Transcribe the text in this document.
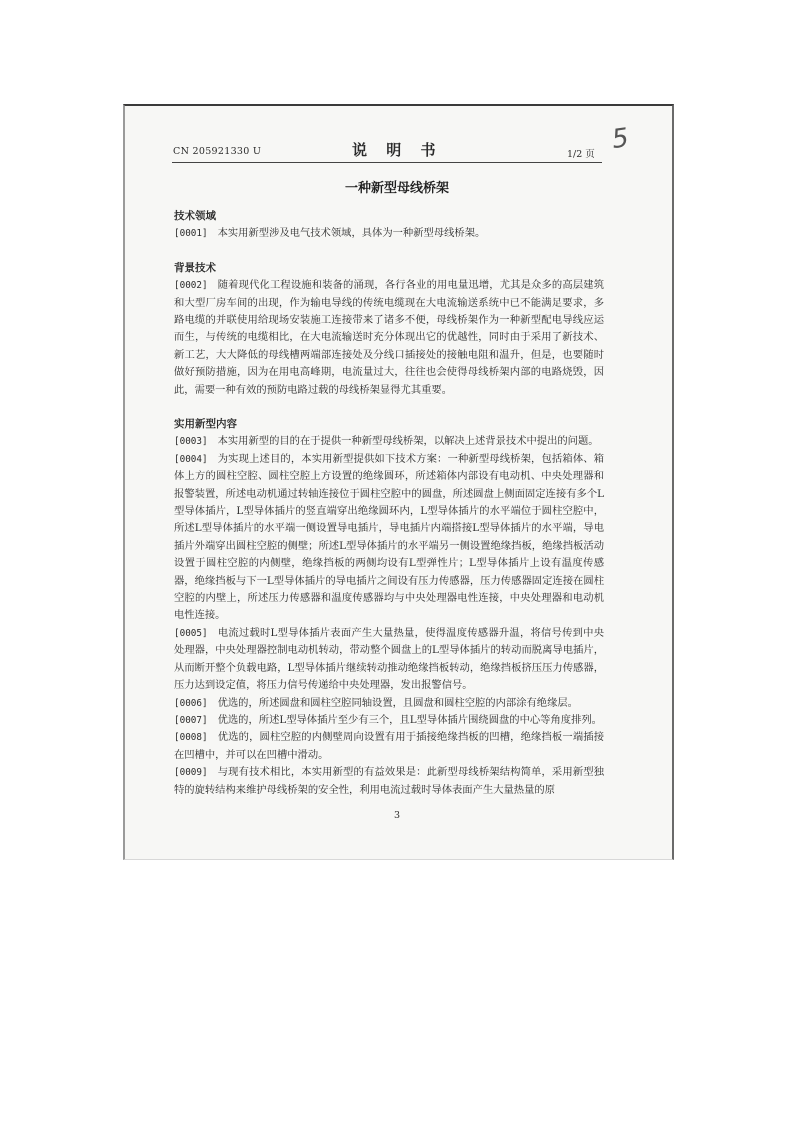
CN 205921330 U	说 明 书	1/2 页 5
一种新型母线桥架
技术领域

[0001] 本实用新型涉及电气技术领域，具体为一种新型母线桥架。

背景技术

[0002] 随着现代化工程设施和装备的涌现，各行各业的用电量迅增，尤其是众多的高层建筑和大型厂房车间的出现，作为输电导线的传统电缆现在大电流输送系统中已不能满足要求，多路电缆的并联使用给现场安装施工连接带来了诸多不便，母线桥架作为一种新型配电导线应运而生，与传统的电缆相比，在大电流输送时充分体现出它的优越性，同时由于采用了新技术、新工艺，大大降低的母线槽两端部连接处及分线口插接处的接触电阻和温升，但是，也要随时做好预防措施，因为在用电高峰期，电流量过大，往往也会使得母线桥架内部的电路烧毁，因此，需要一种有效的预防电路过载的母线桥架显得尤其重要。

实用新型内容

[0003] 本实用新型的目的在于提供一种新型母线桥架，以解决上述背景技术中提出的问题。

[0004] 为实现上述目的，本实用新型提供如下技术方案：一种新型母线桥架，包括箱体、箱体上方的圆柱空腔、圆柱空腔上方设置的绝缘圆环，所述箱体内部设有电动机、中央处理器和报警装置，所述电动机通过转轴连接位于圆柱空腔中的圆盘，所述圆盘上侧面固定连接有多个L型导体插片，L型导体插片的竖直端穿出绝缘圆环内，L型导体插片的水平端位于圆柱空腔中，所述L型导体插片的水平端一侧设置导电插片，导电插片内端搭接L型导体插片的水平端，导电插片外端穿出圆柱空腔的侧壁；所述L型导体插片的水平端另一侧设置绝缘挡板，绝缘挡板活动设置于圆柱空腔的内侧壁，绝缘挡板的两侧均设有L型弹性片；L型导体插片上设有温度传感器，绝缘挡板与下一L型导体插片的导电插片之间设有压力传感器，压力传感器固定连接在圆柱空腔的内壁上，所述压力传感器和温度传感器均与中央处理器电性连接，中央处理器和电动机电性连接。

[0005] 电流过载时L型导体插片表面产生大量热量，使得温度传感器升温，将信号传到中央处理器，中央处理器控制电动机转动，带动整个圆盘上的L型导体插片的转动而脱离导电插片，从而断开整个负载电路，L型导体插片继续转动推动绝缘挡板转动，绝缘挡板挤压压力传感器，压力达到设定值，将压力信号传递给中央处理器，发出报警信号。

[0006] 优选的，所述圆盘和圆柱空腔同轴设置，且圆盘和圆柱空腔的内部涂有绝缘层。

[0007] 优选的，所述L型导体插片至少有三个，且L型导体插片围绕圆盘的中心等角度排列。

[0008] 优选的，圆柱空腔的内侧壁周向设置有用于插接绝缘挡板的凹槽，绝缘挡板一端插接在凹槽中，并可以在凹槽中滑动。

[0009] 与现有技术相比，本实用新型的有益效果是：此新型母线桥架结构简单，采用新型独特的旋转结构来维护母线桥架的安全性，利用电流过载时导体表面产生大量热量的原

3
